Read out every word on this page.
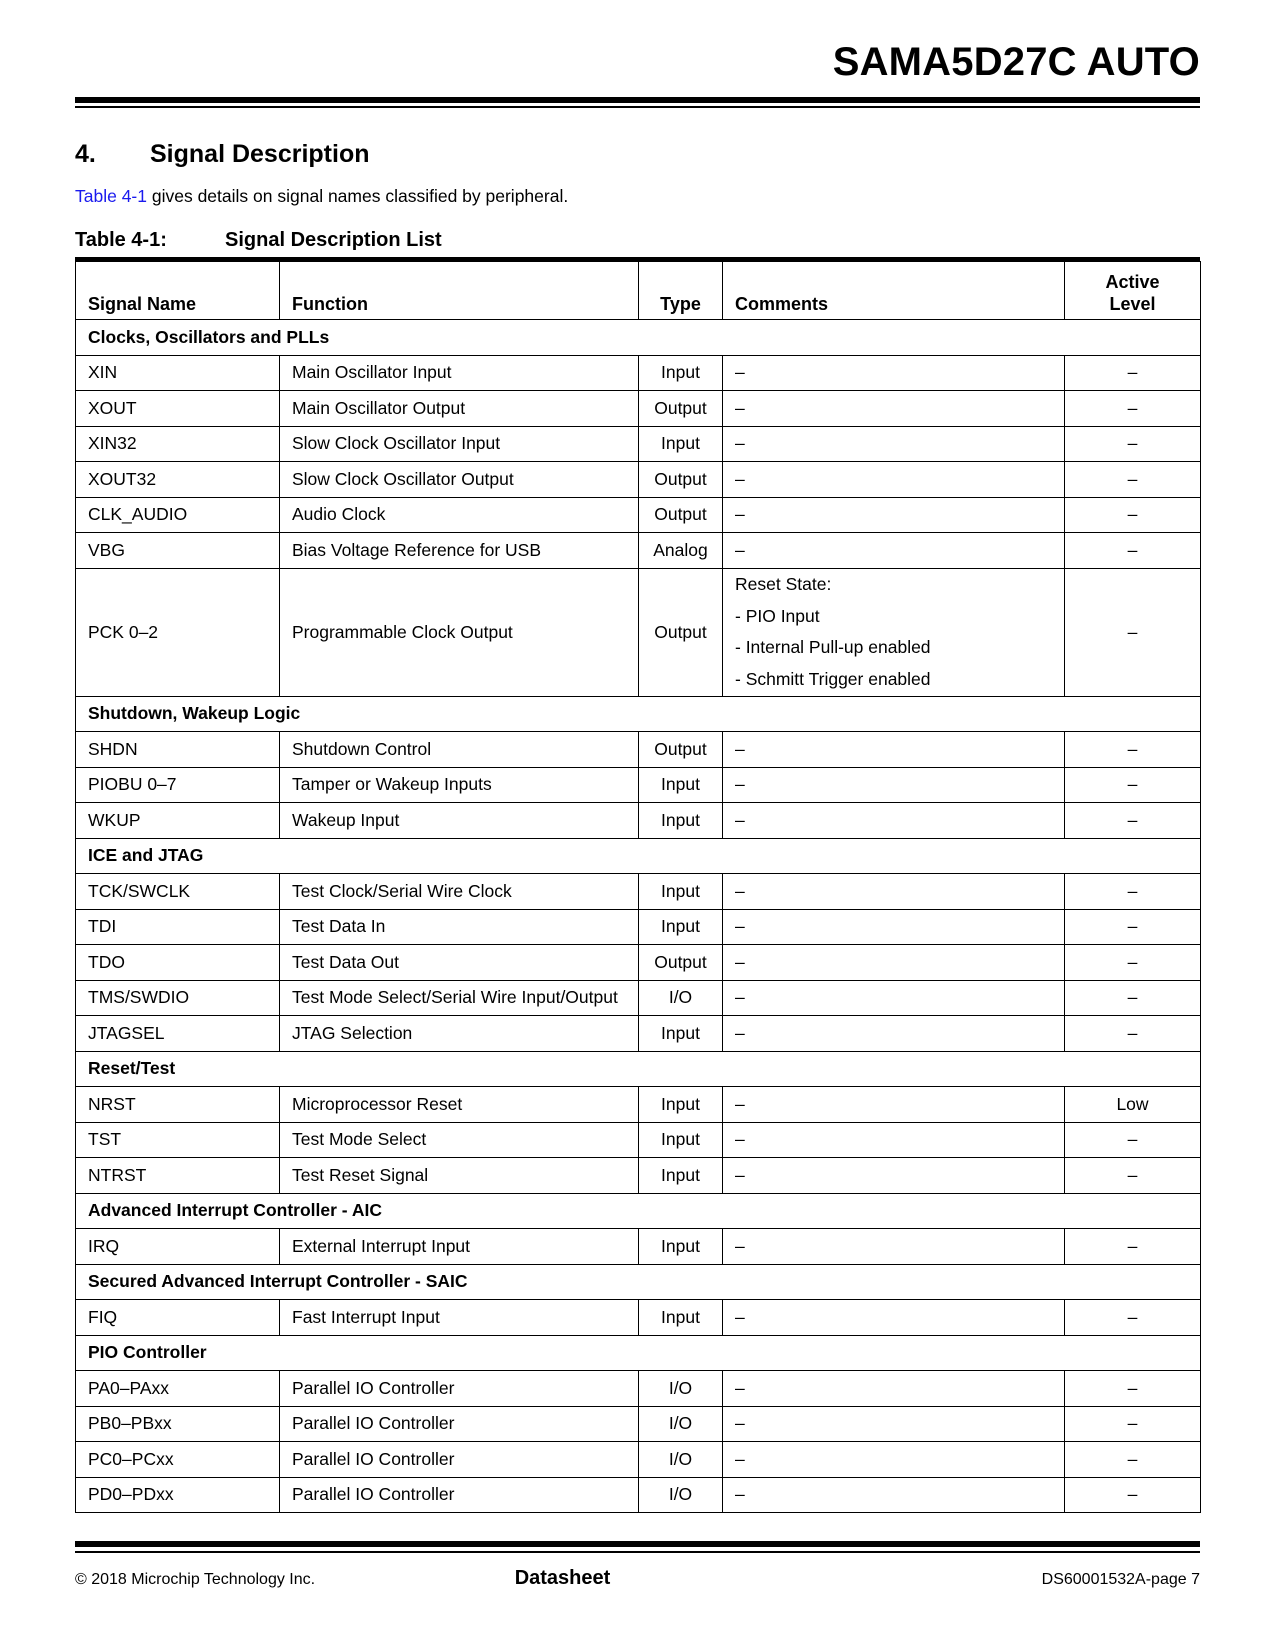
SAMA5D27C AUTO
4. Signal Description
Table 4-1 gives details on signal names classified by peripheral.
Table 4-1:	Signal Description List
Signal Name	Function	Type	Comments	Active
Level

Clocks, Oscillators and PLLs				
XIN	Main Oscillator Input	Input	–	–
XOUT	Main Oscillator Output	Output	–	–
XIN32	Slow Clock Oscillator Input	Input	–	–
XOUT32	Slow Clock Oscillator Output	Output	–	–
CLK_AUDIO	Audio Clock	Output	–	–
VBG	Bias Voltage Reference for USB	Analog	–	–
PCK 0–2	Programmable Clock Output	Output	Reset State:
- PIO Input
- Internal Pull-up enabled
- Schmitt Trigger enabled	–
Shutdown, Wakeup Logic				
SHDN	Shutdown Control	Output	–	–
PIOBU 0–7	Tamper or Wakeup Inputs	Input	–	–
WKUP	Wakeup Input	Input	–	–
ICE and JTAG				
TCK/SWCLK	Test Clock/Serial Wire Clock	Input	–	–
TDI	Test Data In	Input	–	–
TDO	Test Data Out	Output	–	–
TMS/SWDIO	Test Mode Select/Serial Wire Input/Output	I/O	–	–
JTAGSEL	JTAG Selection	Input	–	–
Reset/Test				
NRST	Microprocessor Reset	Input	–	Low
TST	Test Mode Select	Input	–	–
NTRST	Test Reset Signal	Input	–	–
Advanced Interrupt Controller - AIC				
IRQ	External Interrupt Input	Input	–	–
Secured Advanced Interrupt Controller - SAIC				
FIQ	Fast Interrupt Input	Input	–	–
PIO Controller				
PA0–PAxx	Parallel IO Controller	I/O	–	–
PB0–PBxx	Parallel IO Controller	I/O	–	–
PC0–PCxx	Parallel IO Controller	I/O	–	–
PD0–PDxx	Parallel IO Controller	I/O	–	–
© 2018 Microchip Technology Inc.	Datasheet	DS60001532A-page 7
